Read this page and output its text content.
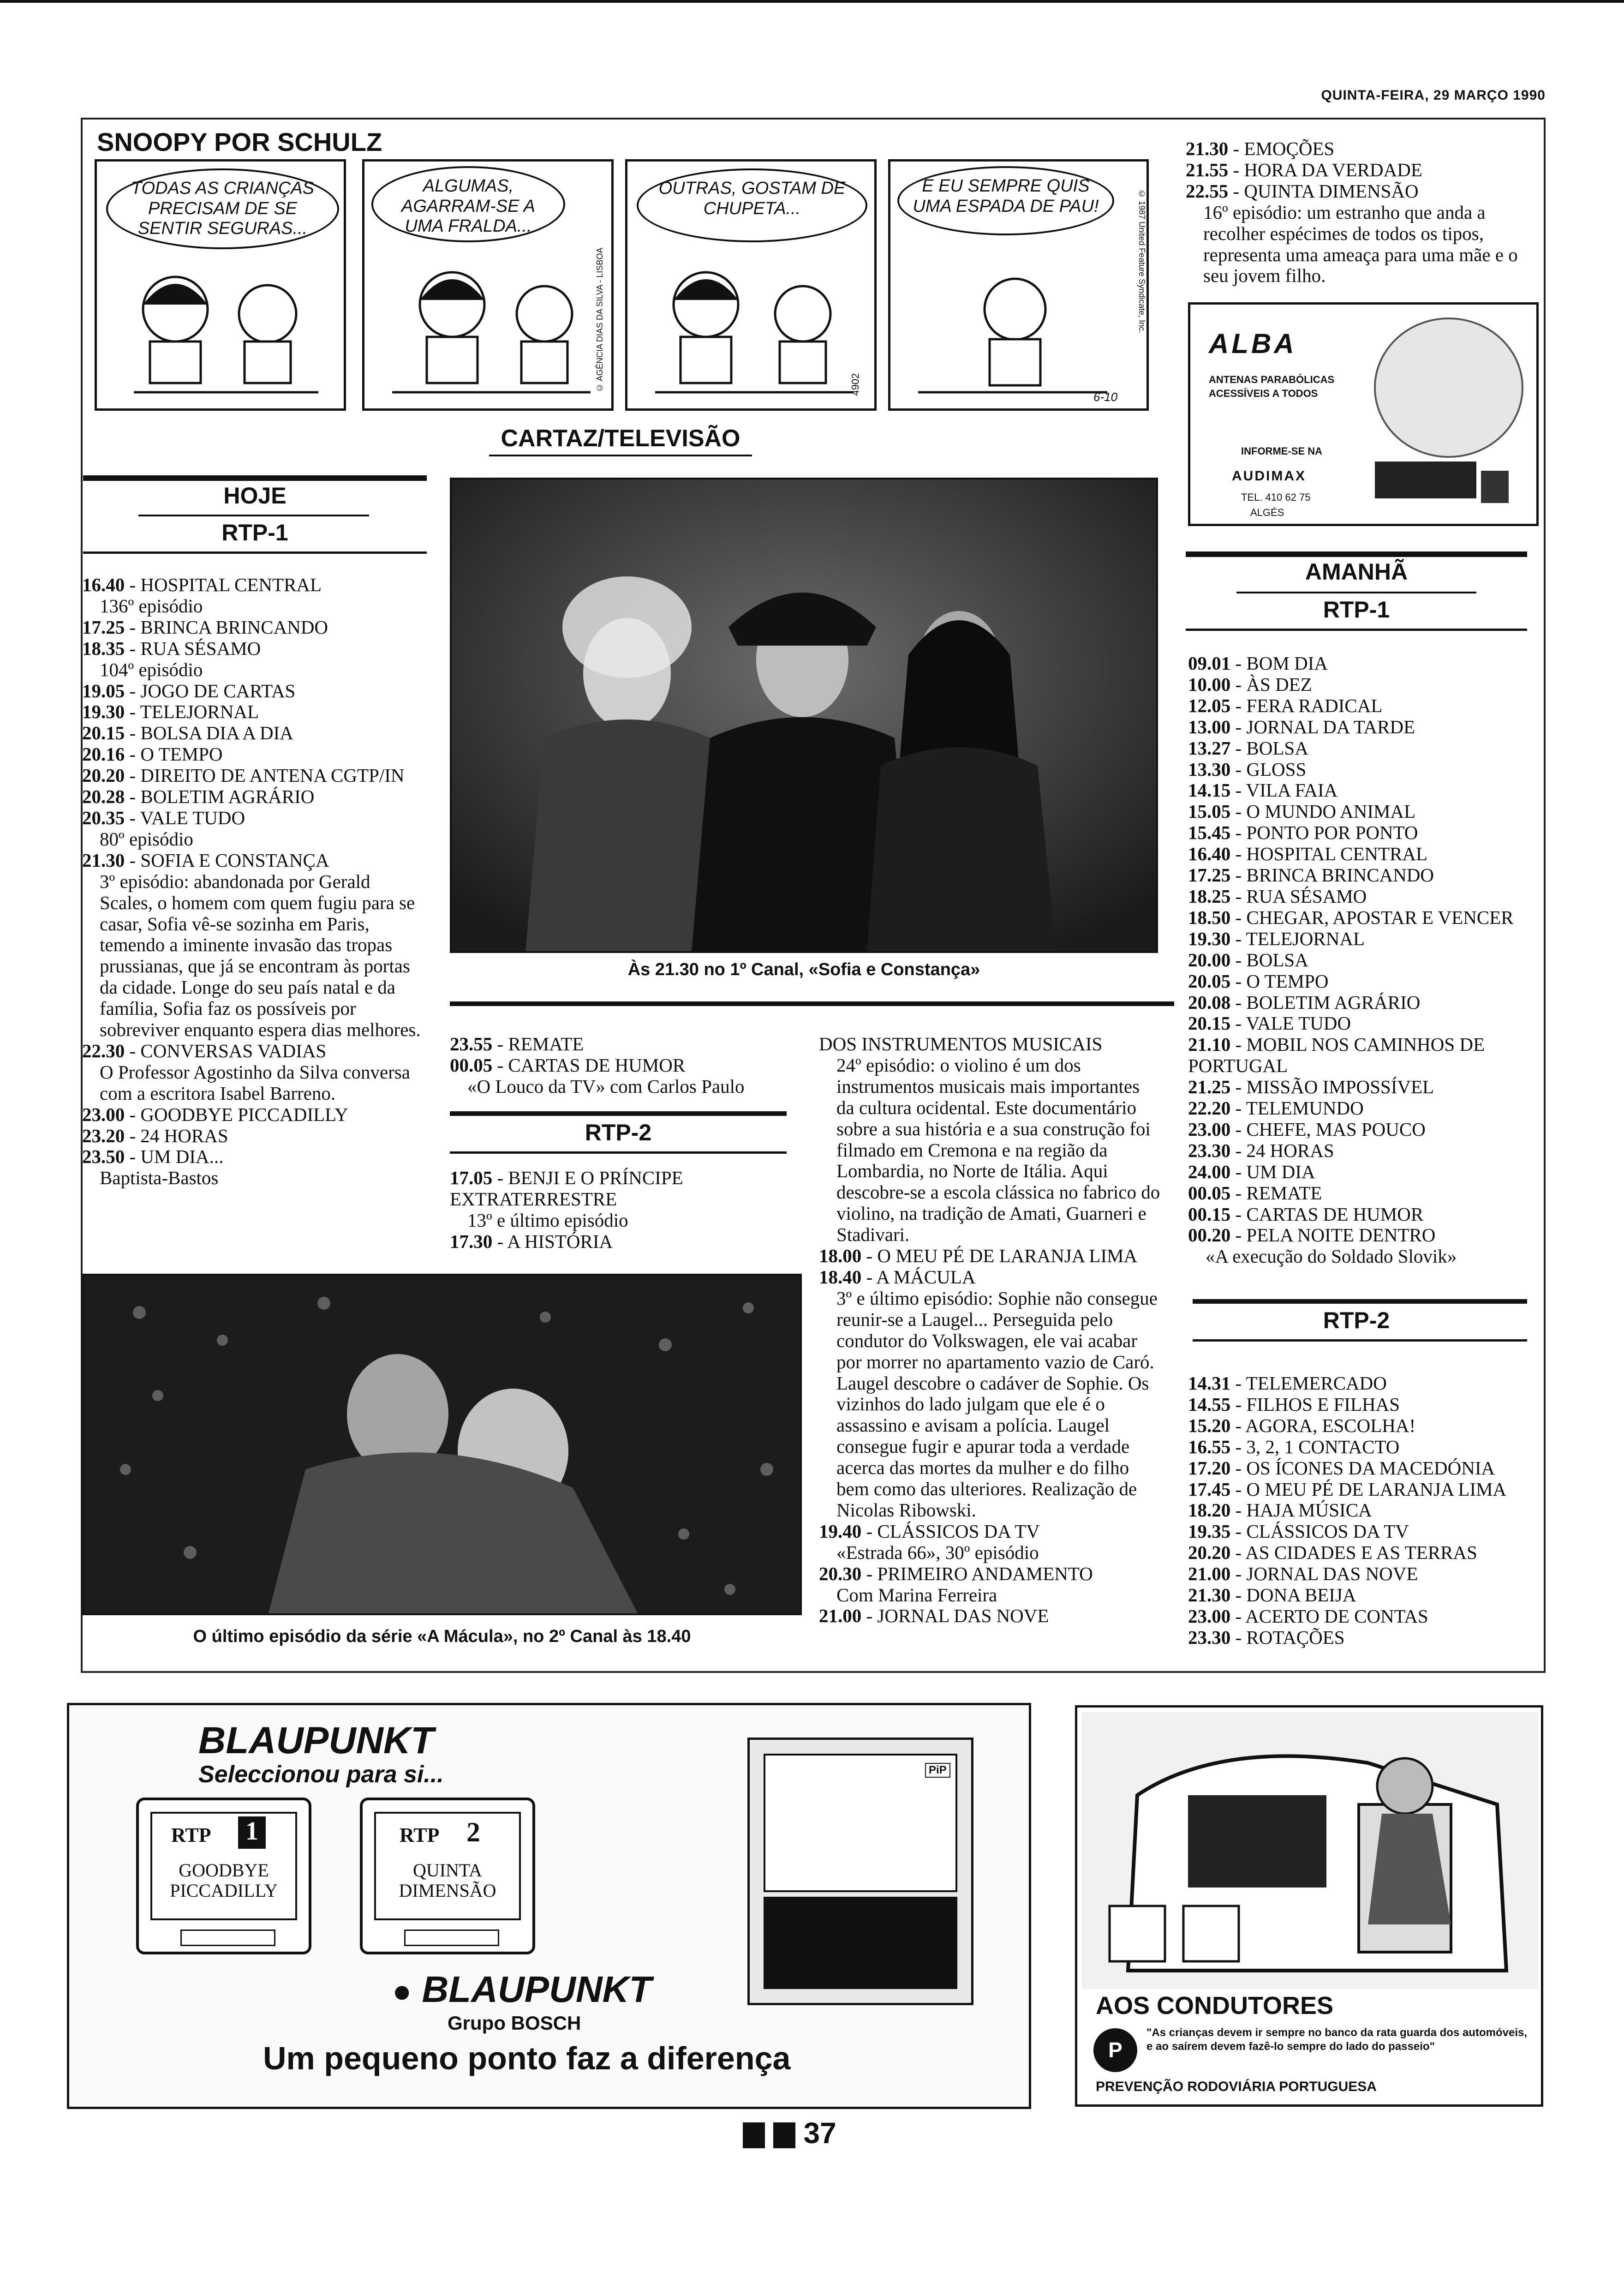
QUINTA-FEIRA, 29 MARÇO 1990
SNOOPY POR SCHULZ
TODAS AS CRIANÇAS PRECISAM DE SE SENTIR SEGURAS...
ALGUMAS, AGARRAM-SE A UMA FRALDA...
© AGÊNCIA DIAS DA SILVA - LISBOA
OUTRAS, GOSTAM DE CHUPETA...
4902
E EU SEMPRE QUIS UMA ESPADA DE PAU!	© 1987 United Feature Syndicate, Inc.
6-10
CARTAZ/TELEVISÃO
HOJE
RTP-1
16.40 - HOSPITAL CENTRAL
136º episódio
17.25 - BRINCA BRINCANDO
18.35 - RUA SÉSAMO
104º episódio
19.05 - JOGO DE CARTAS
19.30 - TELEJORNAL
20.15 - BOLSA DIA A DIA
20.16 - O TEMPO
20.20 - DIREITO DE ANTENA CGTP/IN
20.28 - BOLETIM AGRÁRIO
20.35 - VALE TUDO
80º episódio
21.30 - SOFIA E CONSTANÇA
3º episódio: abandonada por Gerald Scales, o homem com quem fugiu para se casar, Sofia vê-se sozinha em Paris, temendo a iminente invasão das tropas prussianas, que já se encontram às portas da cidade. Longe do seu país natal e da família, Sofia faz os possíveis por sobreviver enquanto espera dias melhores.
22.30 - CONVERSAS VADIAS
O Professor Agostinho da Silva conversa com a escritora Isabel Barreno.
23.00 - GOODBYE PICCADILLY
23.20 - 24 HORAS
23.50 - UM DIA...
Baptista-Bastos
Às 21.30 no 1º Canal, «Sofia e Constança»
23.55 - REMATE
00.05 - CARTAS DE HUMOR
«O Louco da TV» com Carlos Paulo
RTP-2
17.05 - BENJI E O PRÍNCIPE EXTRATERRESTRE
13º e último episódio
17.30 - A HISTÓRIA
DOS INSTRUMENTOS MUSICAIS
24º episódio: o violino é um dos instrumentos musicais mais importantes da cultura ocidental. Este documentário sobre a sua história e a sua construção foi filmado em Cremona e na região da Lombardia, no Norte de Itália. Aqui descobre-se a escola clássica no fabrico do violino, na tradição de Amati, Guarneri e Stadivari.
18.00 - O MEU PÉ DE LARANJA LIMA
18.40 - A MÁCULA
3º e último episódio: Sophie não consegue reunir-se a Laugel... Perseguida pelo condutor do Volkswagen, ele vai acabar por morrer no apartamento vazio de Caró. Laugel descobre o cadáver de Sophie. Os vizinhos do lado julgam que ele é o assassino e avisam a polícia. Laugel consegue fugir e apurar toda a verdade acerca das mortes da mulher e do filho bem como das ulteriores. Realização de Nicolas Ribowski.
19.40 - CLÁSSICOS DA TV
«Estrada 66», 30º episódio
20.30 - PRIMEIRO ANDAMENTO
Com Marina Ferreira
21.00 - JORNAL DAS NOVE
O último episódio da série «A Mácula», no 2º Canal às 18.40
21.30 - EMOÇÕES
21.55 - HORA DA VERDADE
22.55 - QUINTA DIMENSÃO
16º episódio: um estranho que anda a recolher espécimes de todos os tipos, representa uma ameaça para uma mãe e o seu jovem filho.
ALBA
ANTENAS PARABÓLICAS
ACESSÍVEIS A TODOS
INFORME-SE NA
AUDIMAX
TEL. 410 62 75
ALGÉS
AMANHÃ
RTP-1
09.01 - BOM DIA
10.00 - ÀS DEZ
12.05 - FERA RADICAL
13.00 - JORNAL DA TARDE
13.27 - BOLSA
13.30 - GLOSS
14.15 - VILA FAIA
15.05 - O MUNDO ANIMAL
15.45 - PONTO POR PONTO
16.40 - HOSPITAL CENTRAL
17.25 - BRINCA BRINCANDO
18.25 - RUA SÉSAMO
18.50 - CHEGAR, APOSTAR E VENCER
19.30 - TELEJORNAL
20.00 - BOLSA
20.05 - O TEMPO
20.08 - BOLETIM AGRÁRIO
20.15 - VALE TUDO
21.10 - MOBIL NOS CAMINHOS DE PORTUGAL
21.25 - MISSÃO IMPOSSÍVEL
22.20 - TELEMUNDO
23.00 - CHEFE, MAS POUCO
23.30 - 24 HORAS
24.00 - UM DIA
00.05 - REMATE
00.15 - CARTAS DE HUMOR
00.20 - PELA NOITE DENTRO
«A execução do Soldado Slovik»
RTP-2
14.31 - TELEMERCADO
14.55 - FILHOS E FILHAS
15.20 - AGORA, ESCOLHA!
16.55 - 3, 2, 1 CONTACTO
17.20 - OS ÍCONES DA MACEDÓNIA
17.45 - O MEU PÉ DE LARANJA LIMA
18.20 - HAJA MÚSICA
19.35 - CLÁSSICOS DA TV
20.20 - AS CIDADES E AS TERRAS
21.00 - JORNAL DAS NOVE
21.30 - DONA BEIJA
23.00 - ACERTO DE CONTAS
23.30 - ROTAÇÕES
BLAUPUNKT
Seleccionou para si...
RTP 1
GOODBYE PICCADILLY
RTP 2
QUINTA DIMENSÃO
PiP
● BLAUPUNKT
Grupo BOSCH
Um pequeno ponto faz a diferença
AOS CONDUTORES
P
"As crianças devem ir sempre no banco da rata guarda dos automóveis, e ao saírem devem fazê-lo sempre do lado do passeio"
PREVENÇÃO RODOVIÁRIA PORTUGUESA
37
